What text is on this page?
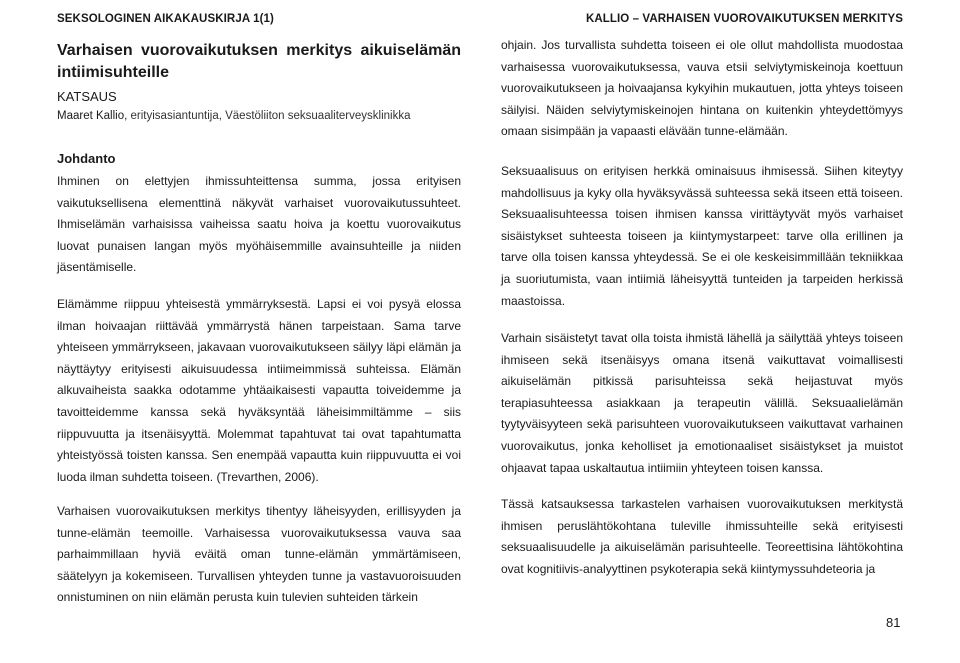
SEKSOLOGINEN AIKAKAUSKIRJA 1(1)	KALLIO – VARHAISEN VUOROVAIKUTUKSEN MERKITYS
Varhaisen vuorovaikutuksen merkitys aikuiselämän intiimisuhteille
KATSAUS
Maaret Kallio, erityisasiantuntija, Väestöliiton seksuaaliterveysklinikka
Johdanto

Ihminen on elettyjen ihmissuhteittensa summa, jossa erityisen vaikutuksellisena elementtinä näkyvät varhaiset vuorovaikutussuhteet. Ihmiselämän varhaisissa vaiheissa saatu hoiva ja koettu vuorovaikutus luovat punaisen langan myös myöhäisemmille avainsuhteille ja niiden jäsentämiselle.

Elämämme riippuu yhteisestä ymmärryksestä. Lapsi ei voi pysyä elossa ilman hoivaajan riittävää ymmärrystä hänen tarpeistaan. Sama tarve yhteiseen ymmärrykseen, jakavaan vuorovaikutukseen säilyy läpi elämän ja näyttäytyy erityisesti aikuisuudessa intiimeimmissä suhteissa. Elämän alkuvaiheista saakka odotamme yhtäaikaisesti vapautta toiveidemme ja tavoitteidemme kanssa sekä hyväksyntää läheisimmiltämme – siis riippuvuutta ja itsenäisyyttä. Molemmat tapahtuvat tai ovat tapahtumatta yhteistyössä toisten kanssa. Sen enempää vapautta kuin riippuvuutta ei voi luoda ilman suhdetta toiseen. (Trevarthen, 2006).

Varhaisen vuorovaikutuksen merkitys tihentyy läheisyyden, erillisyyden ja tunne-elämän teemoille. Varhaisessa vuorovaikutuksessa vauva saa parhaimmillaan hyviä eväitä oman tunne-elämän ymmärtämiseen, säätelyyn ja kokemiseen. Turvallisen yhteyden tunne ja vastavuoroisuuden onnistuminen on niin elämän perusta kuin tulevien suhteiden tärkein

ohjain. Jos turvallista suhdetta toiseen ei ole ollut mahdollista muodostaa varhaisessa vuorovaikutuksessa, vauva etsii selviytymiskeinoja koettuun vuorovaikutukseen ja hoivaajansa kykyihin mukautuen, jotta yhteys toiseen säilyisi. Näiden selviytymiskeinojen hintana on kuitenkin yhteydettömyys omaan sisimpään ja vapaasti elävään tunne-elämään.

Seksuaalisuus on erityisen herkkä ominaisuus ihmisessä. Siihen kiteytyy mahdollisuus ja kyky olla hyväksyvässä suhteessa sekä itseen että toiseen. Seksuaalisuhteessa toisen ihmisen kanssa virittäytyvät myös varhaiset sisäistykset suhteesta toiseen ja kiintymystarpeet: tarve olla erillinen ja tarve olla toisen kanssa yhteydessä. Se ei ole keskeisimmillään tekniikkaa ja suoriutumista, vaan intiimiä läheisyyttä tunteiden ja tarpeiden herkissä maastoissa.

Varhain sisäistetyt tavat olla toista ihmistä lähellä ja säilyttää yhteys toiseen ihmiseen sekä itsenäisyys omana itsenä vaikuttavat voimallisesti aikuiselämän pitkissä parisuhteissa sekä heijastuvat myös terapiasuhteessa asiakkaan ja terapeutin välillä. Seksuaalielämän tyytyväisyyteen sekä parisuhteen vuorovaikutukseen vaikuttavat varhainen vuorovaikutus, jonka keholliset ja emotionaaliset sisäistykset ja muistot ohjaavat tapaa uskaltautua intiimiin yhteyteen toisen kanssa.

Tässä katsauksessa tarkastelen varhaisen vuorovaikutuksen merkitystä ihmisen peruslähtökohtana tuleville ihmissuhteille sekä erityisesti seksuaalisuudelle ja aikuiselämän parisuhteelle. Teoreettisina lähtökohtina ovat kognitiivis-analyyttinen psykoterapia sekä kiintymyssuhdeteoria ja

81
